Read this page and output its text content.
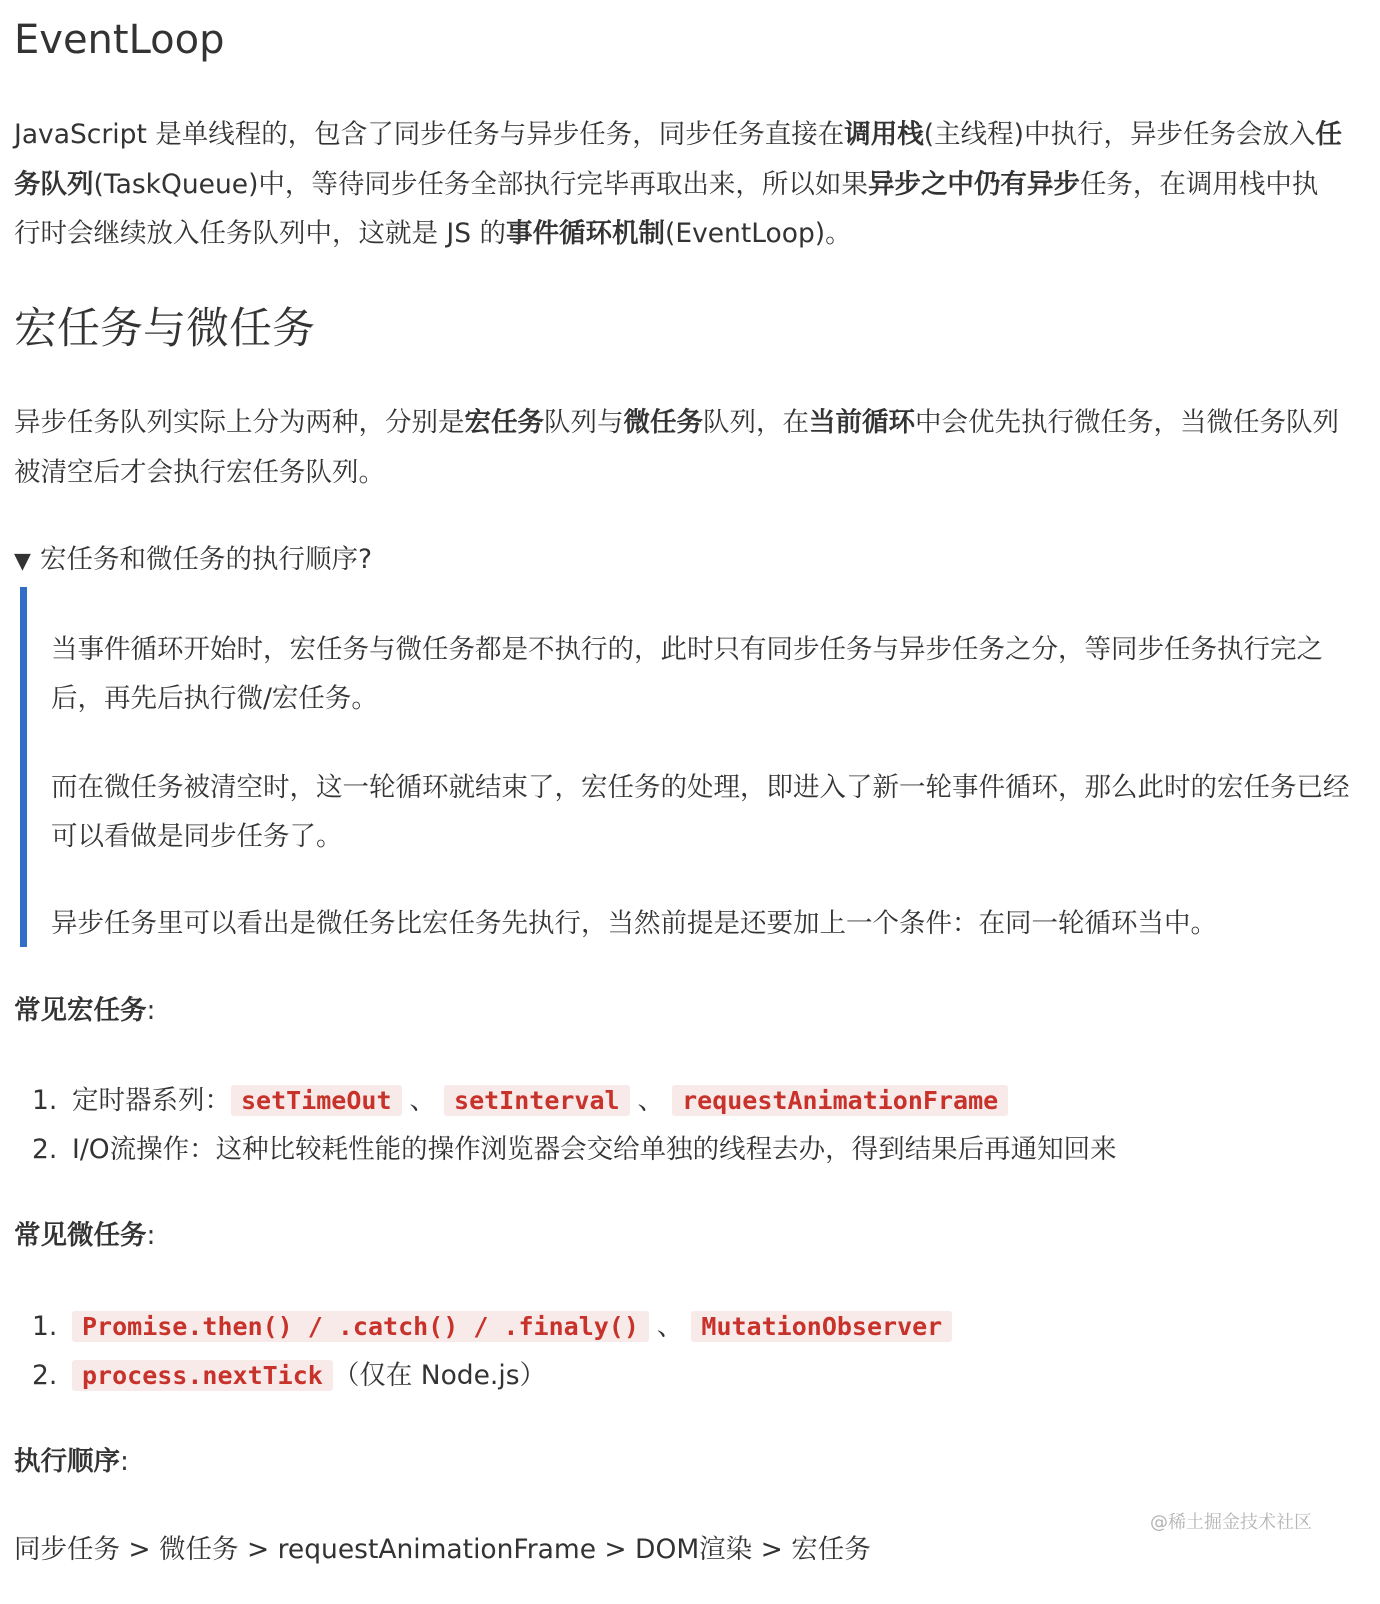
EventLoop

JavaScript 是单线程的，包含了同步任务与异步任务，同步任务直接在调用栈(主线程)中执行，异步任务会放入任务队列(TaskQueue)中，等待同步任务全部执行完毕再取出来，所以如果异步之中仍有异步任务，在调用栈中执行时会继续放入任务队列中，这就是 JS 的事件循环机制(EventLoop)。

宏任务与微任务

异步任务队列实际上分为两种，分别是宏任务队列与微任务队列，在当前循环中会优先执行微任务，当微任务队列被清空后才会执行宏任务队列。

▼ 宏任务和微任务的执行顺序?

当事件循环开始时，宏任务与微任务都是不执行的，此时只有同步任务与异步任务之分，等同步任务执行完之后，再先后执行微/宏任务。

而在微任务被清空时，这一轮循环就结束了，宏任务的处理，即进入了新一轮事件循环，那么此时的宏任务已经可以看做是同步任务了。

异步任务里可以看出是微任务比宏任务先执行，当然前提是还要加上一个条件：在同一轮循环当中。

常见宏任务:
1. 定时器系列： setTimeOut 、 setInterval 、 requestAnimationFrame
2. I/O流操作：这种比较耗性能的操作浏览器会交给单独的线程去办，得到结果后再通知回来
常见微任务:
1. Promise.then() / .catch() / .finaly() 、 MutationObserver
2. process.nextTick （仅在 Node.js）
执行顺序:
同步任务 > 微任务 > requestAnimationFrame > DOM渲染 > 宏任务
@稀土掘金技术社区
